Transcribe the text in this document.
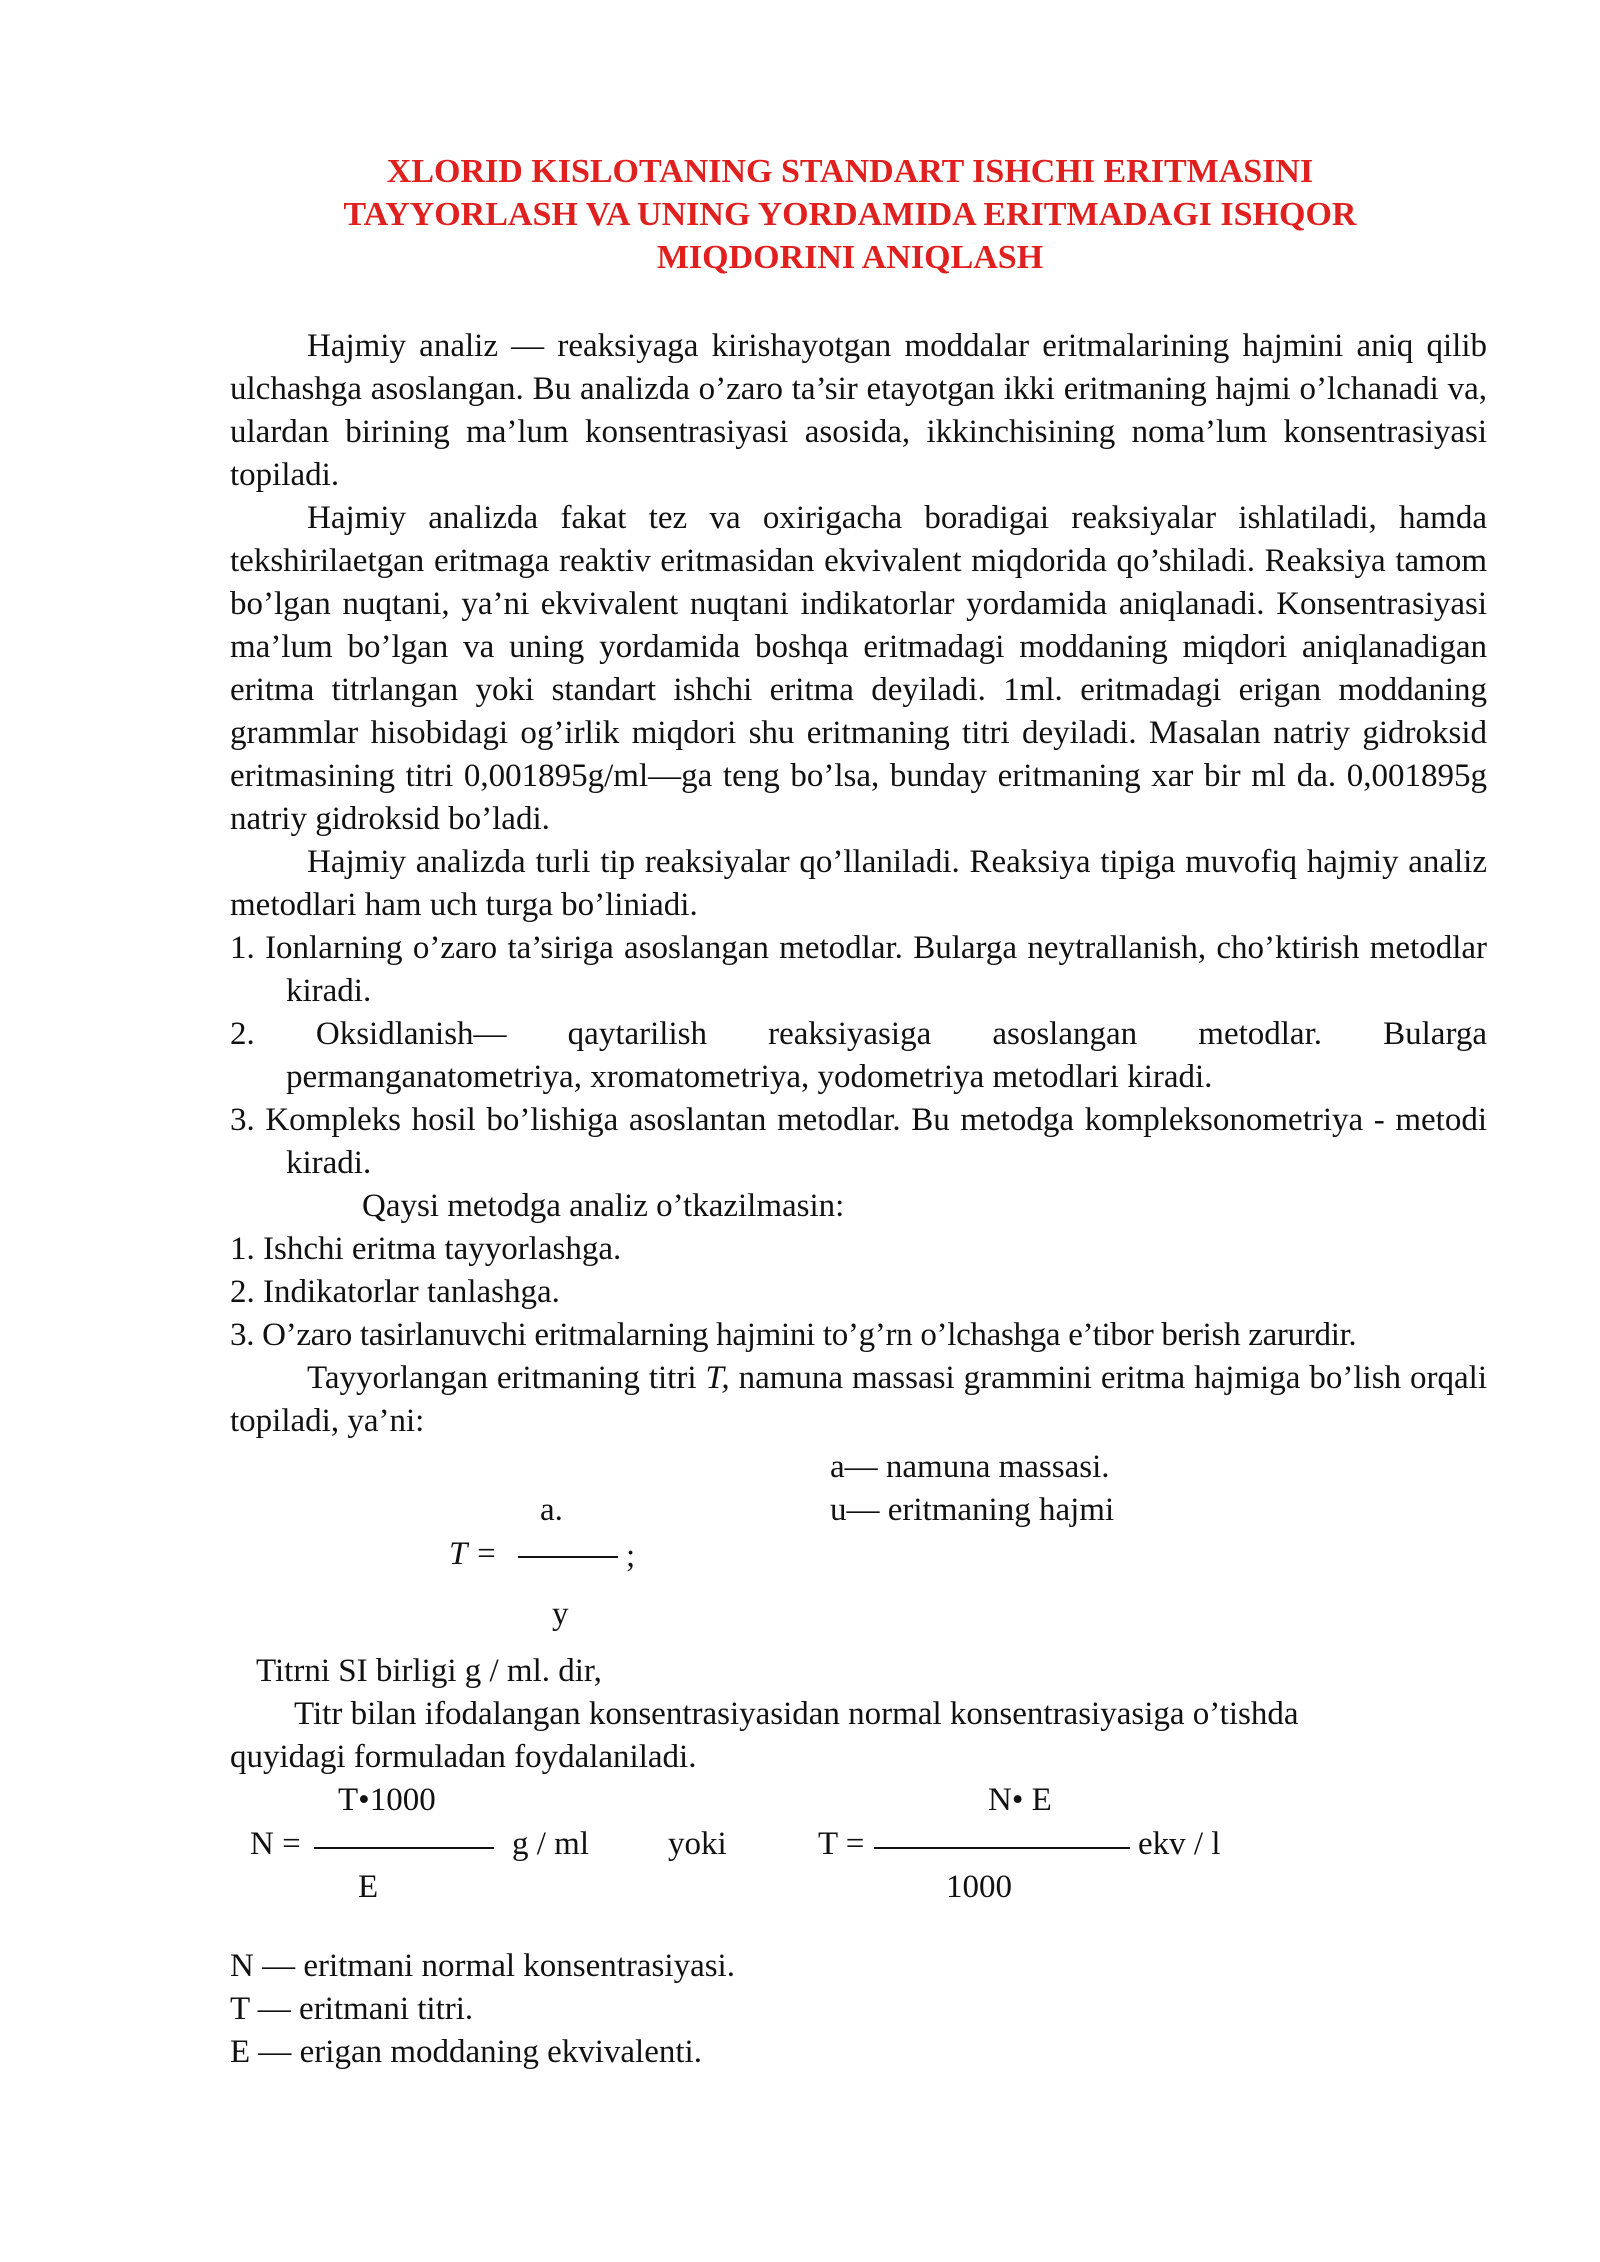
XLORID KISLOTANING STANDART ISHCHI ERITMASINI
TAYYORLASH VA UNING YORDAMIDA ERITMADAGI ISHQOR
MIQDORINI ANIQLASH

Hajmiy analiz — reaksiyaga kirishayotgan moddalar eritmalarining hajmini aniq qilib ulchashga asoslangan. Bu analizda o’zaro ta’sir etayotgan ikki eritmaning hajmi o’lchanadi va, ulardan birining ma’lum konsentrasiyasi asosida, ikkinchisining noma’lum konsentrasiyasi topiladi.

Hajmiy analizda fakat tez va oxirigacha boradigai reaksiyalar ishlatiladi, hamda tekshirilaetgan eritmaga reaktiv eritmasidan ekvivalent miqdorida qo’shiladi. Reaksiya tamom bo’lgan nuqtani, ya’ni ekvivalent nuqtani indikatorlar yordamida aniqlanadi. Konsentrasiyasi ma’lum bo’lgan va uning yordamida boshqa eritmadagi moddaning miqdori aniqlanadigan eritma titrlangan yoki standart ishchi eritma deyiladi. 1ml. eritmadagi erigan moddaning grammlar hisobidagi og’irlik miqdori shu eritmaning titri deyiladi. Masalan natriy gidroksid eritmasining titri 0,001895g/ml—ga teng bo’lsa, bunday eritmaning xar bir ml da. 0,001895g natriy gidroksid bo’ladi.

Hajmiy analizda turli tip reaksiyalar qo’llaniladi. Reaksiya tipiga muvofiq hajmiy analiz metodlari ham uch turga bo’liniadi.

1. Ionlarning o’zaro ta’siriga asoslangan metodlar. Bulargа neytrallanish, cho’ktirish metodlar kiradi.

2.   Oksidlanish—   qaytarilish   reaksiyasiga   asoslangan   metodlar.   Bularga permanganatometriya, xromatometriya, yodometriya metodlari kiradi.

3. Kompleks hosil bo’lishiga asoslantan metodlar. Bu metodga kompleksonometriya - metodi kiradi.

Qaysi metodga analiz o’tkazilmasin:

1. Ishchi eritma tayyorlashga.

2. Indikatorlar tanlashga.

3. O’zaro tasirlanuvchi eritmalarning hajmini to’g’rn o’lchashga e’tibor berish zarurdir.

Tayyorlangan eritmaning titri T, namuna massasi grammini eritma hajmiga bo’lish orqali topiladi, ya’ni:

a.
T =	;
y
a— namuna massasi.
u— eritmaning hajmi
Titrni SI birligi g / ml. dir,
Titr bilan ifodalangan konsentrasiyasidan normal konsentrasiyasiga o’tishda
quyidagi formuladan foydalaniladi.
T•1000
N =	g / ml
E
yoki
N• E
T =	ekv / l
1000
N — eritmani normal konsentrasiyasi.
T — eritmani titri.
E — erigan moddaning ekvivalenti.
